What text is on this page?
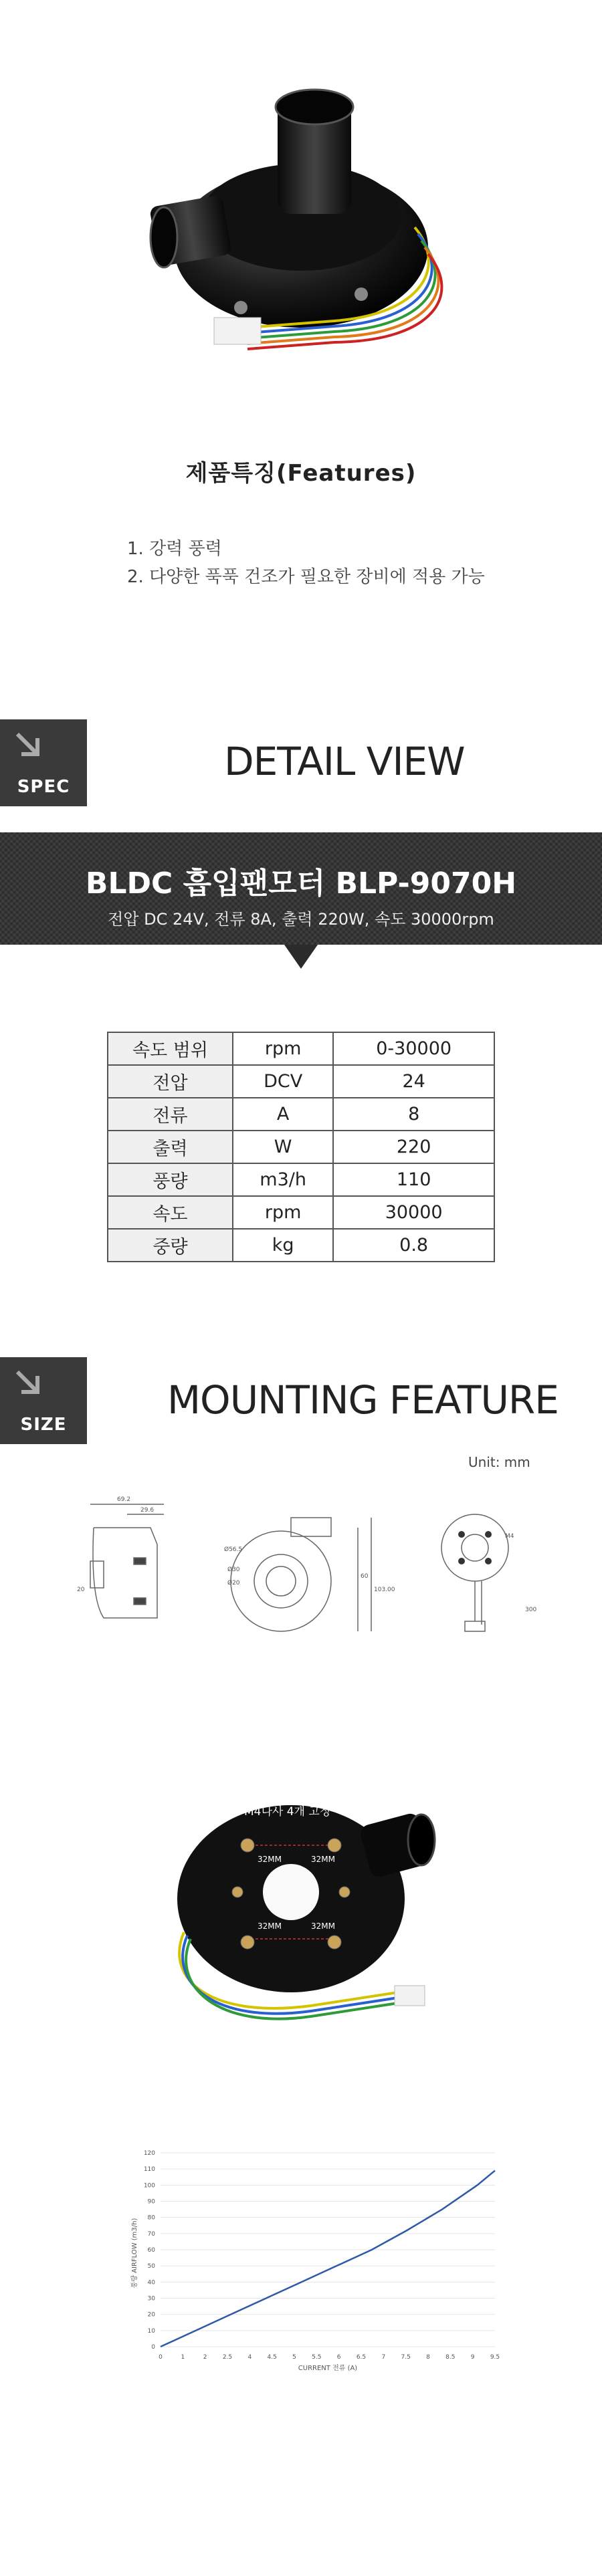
제품특징(Features)
1. 강력 풍력
2. 다양한 푹푹 건조가 필요한 장비에 적용 가능
SPEC
DETAIL VIEW
BLDC 흡입팬모터 BLP-9070H
전압 DC 24V, 전류 8A, 출력 220W, 속도 30000rpm
속도 범위	rpm	0-30000
전압	DCV	24
전류	A	8
출력	W	220
풍량	m3/h	110
속도	rpm	30000
중량	kg	0.8
SIZE
MOUNTING FEATURE
Unit: mm
69.2
29.6
20
Ø56.5
Ø30
Ø20
60
103.00
M4
300
M4나사 4개 고정
32MM	32MM
32MM	32MM
0
10
20
30
40
50
60
70
80
90
100
110
120
0	1	2	2.5	4	4.5	5	5.5	6	6.5	7	7.5	8	8.5	9	9.5
CURRENT 전류 (A)
풍량 AIRFLOW (m3/h)
